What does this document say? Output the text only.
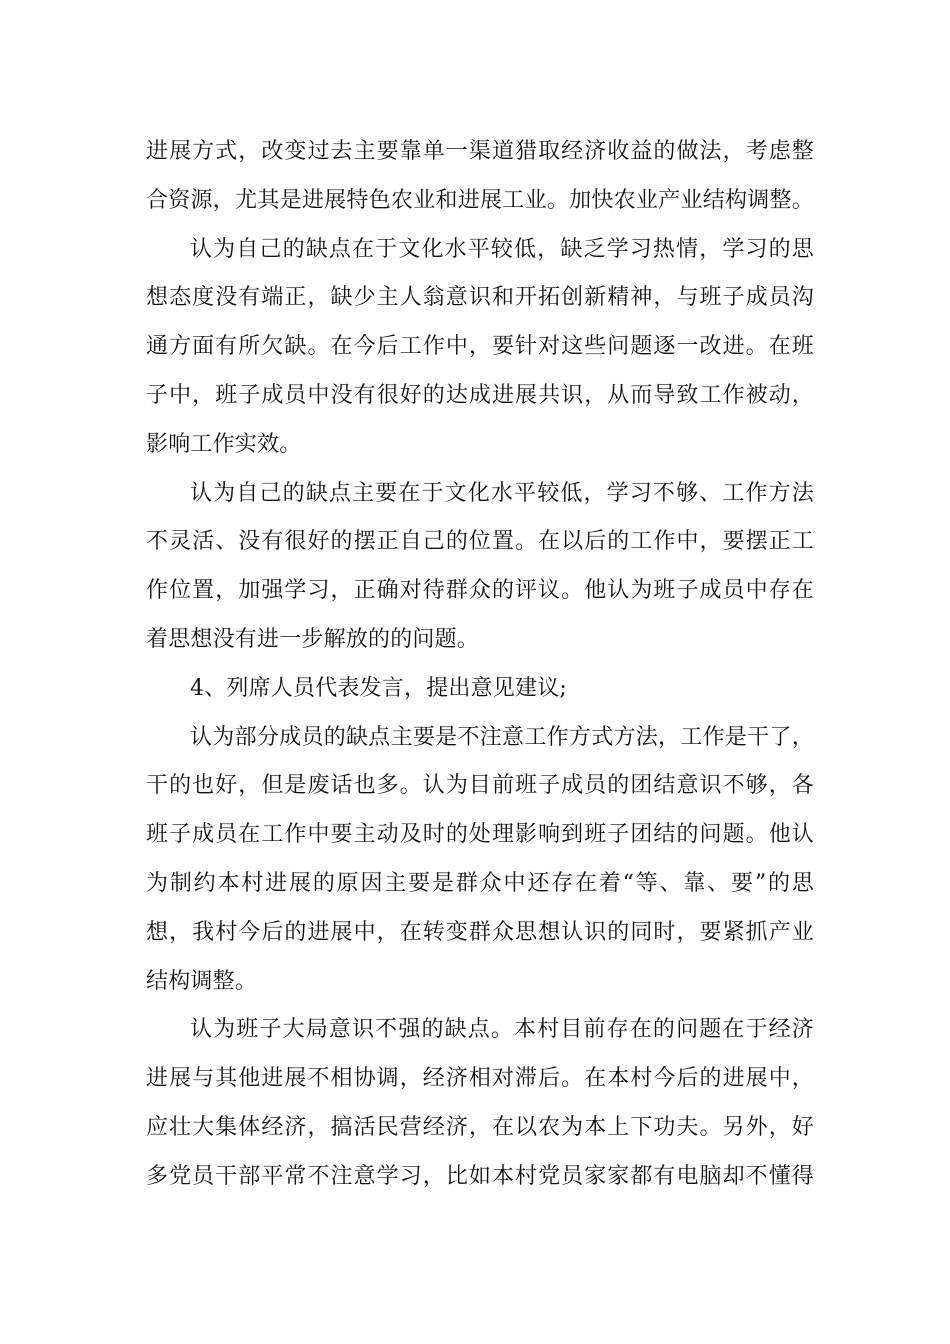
进展方式，改变过去主要靠单一渠道猎取经济收益的做法，考虑整
合资源，尤其是进展特色农业和进展工业。加快农业产业结构调整。
认为自己的缺点在于文化水平较低，缺乏学习热情，学习的思
想态度没有端正，缺少主人翁意识和开拓创新精神，与班子成员沟
通方面有所欠缺。在今后工作中，要针对这些问题逐一改进。在班
子中，班子成员中没有很好的达成进展共识，从而导致工作被动，
影响工作实效。
认为自己的缺点主要在于文化水平较低，学习不够、工作方法
不灵活、没有很好的摆正自己的位置。在以后的工作中，要摆正工
作位置，加强学习，正确对待群众的评议。他认为班子成员中存在
着思想没有进一步解放的的问题。
4、列席人员代表发言，提出意见建议;
认为部分成员的缺点主要是不注意工作方式方法，工作是干了，
干的也好，但是废话也多。认为目前班子成员的团结意识不够，各
班子成员在工作中要主动及时的处理影响到班子团结的问题。他认
为制约本村进展的原因主要是群众中还存在着“等、靠、要”的思
想，我村今后的进展中，在转变群众思想认识的同时，要紧抓产业
结构调整。
认为班子大局意识不强的缺点。本村目前存在的问题在于经济
进展与其他进展不相协调，经济相对滞后。在本村今后的进展中，
应壮大集体经济，搞活民营经济，在以农为本上下功夫。另外，好
多党员干部平常不注意学习，比如本村党员家家都有电脑却不懂得
